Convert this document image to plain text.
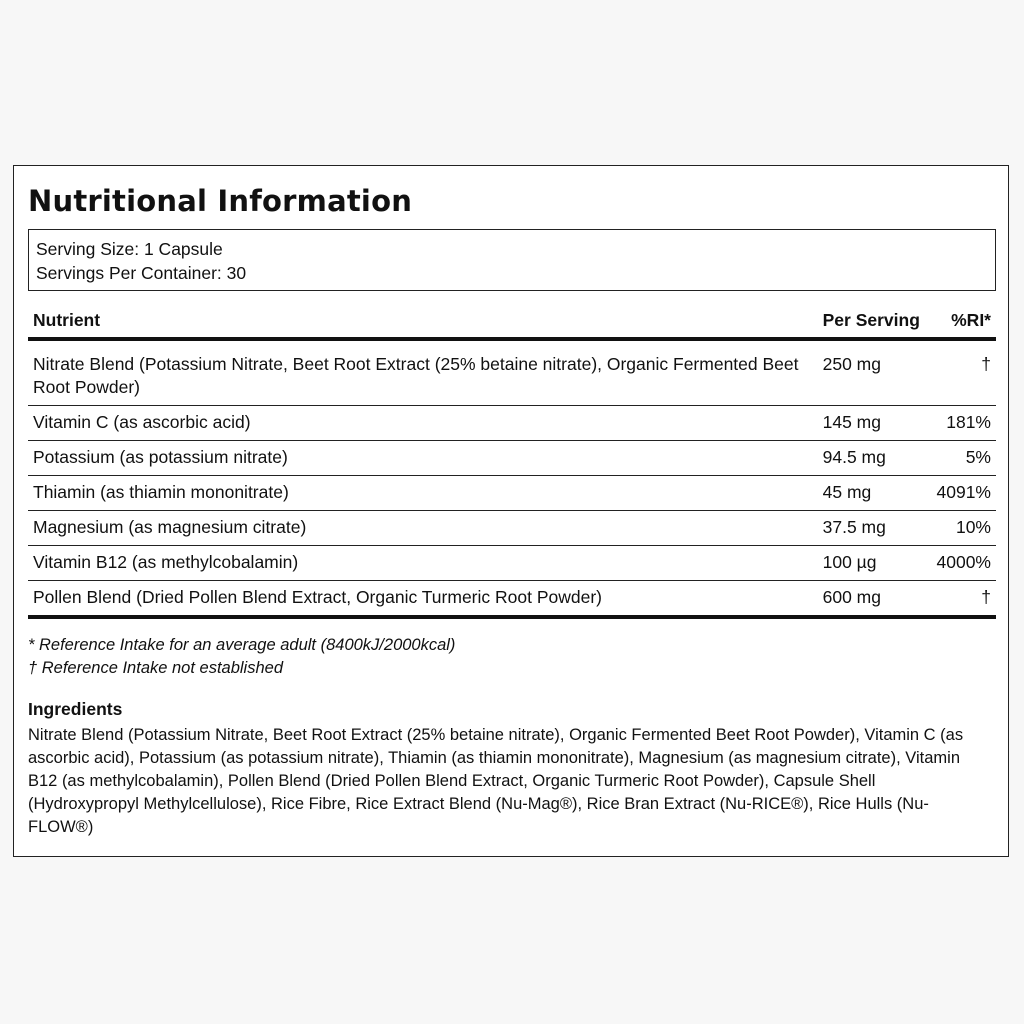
Nutritional Information
Serving Size: 1 Capsule
Servings Per Container: 30
Nutrient	Per Serving	%RI*
Nitrate Blend (Potassium Nitrate, Beet Root Extract (25% betaine nitrate), Organic Fermented Beet Root Powder)	250 mg	†
Vitamin C (as ascorbic acid)	145 mg	181%
Potassium (as potassium nitrate)	94.5 mg	5%
Thiamin (as thiamin mononitrate)	45 mg	4091%
Magnesium (as magnesium citrate)	37.5 mg	10%
Vitamin B12 (as methylcobalamin)	100 µg	4000%
Pollen Blend (Dried Pollen Blend Extract, Organic Turmeric Root Powder)	600 mg	†
* Reference Intake for an average adult (8400kJ/2000kcal)
† Reference Intake not established
Ingredients
Nitrate Blend (Potassium Nitrate, Beet Root Extract (25% betaine nitrate), Organic Fermented Beet Root Powder), Vitamin C (as ascorbic acid), Potassium (as potassium nitrate), Thiamin (as thiamin mononitrate), Magnesium (as magnesium citrate), Vitamin B12 (as methylcobalamin), Pollen Blend (Dried Pollen Blend Extract, Organic Turmeric Root Powder), Capsule Shell (Hydroxypropyl Methylcellulose), Rice Fibre, Rice Extract Blend (Nu-Mag®), Rice Bran Extract (Nu-RICE®), Rice Hulls (Nu-FLOW®)
